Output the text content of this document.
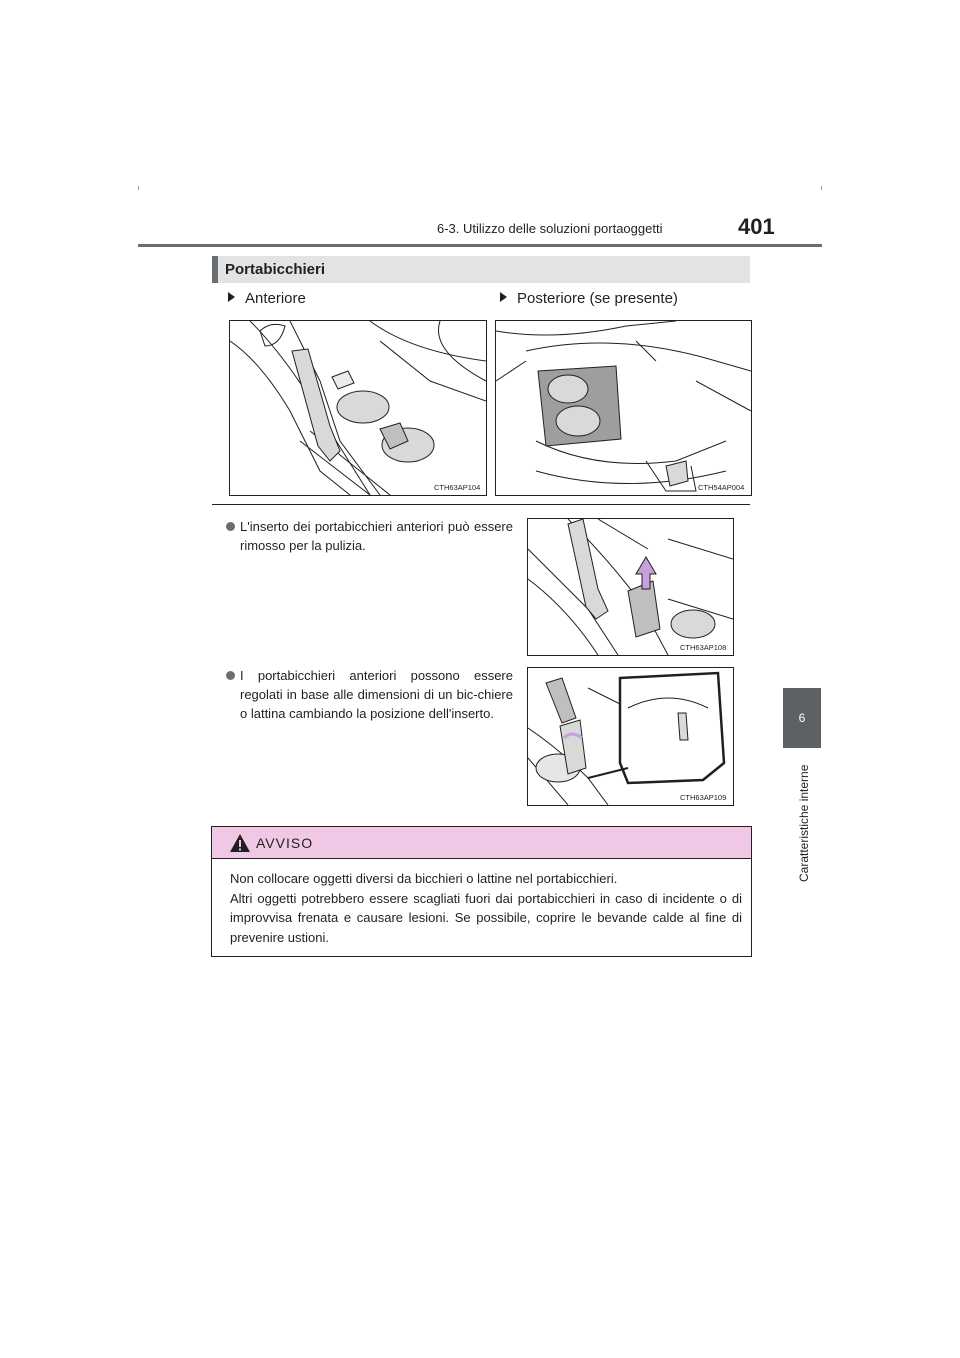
6-3. Utilizzo delle soluzioni portaoggetti	401
6
Caratteristiche interne
Portabicchieri
Anteriore	Posteriore (se presente)
CTH63AP104	CTH54AP004
L'inserto dei portabicchieri anteriori può essere rimosso per la pulizia.
CTH63AP108
I portabicchieri anteriori possono essere regolati in base alle dimensioni di un bic-chiere o lattina cambiando la posizione dell'inserto.
CTH63AP109
AVVISO

Non collocare oggetti diversi da bicchieri o lattine nel portabicchieri.

Altri oggetti potrebbero essere scagliati fuori dai portabicchieri in caso di incidente o di improvvisa frenata e causare lesioni. Se possibile, coprire le bevande calde al fine di prevenire ustioni.
